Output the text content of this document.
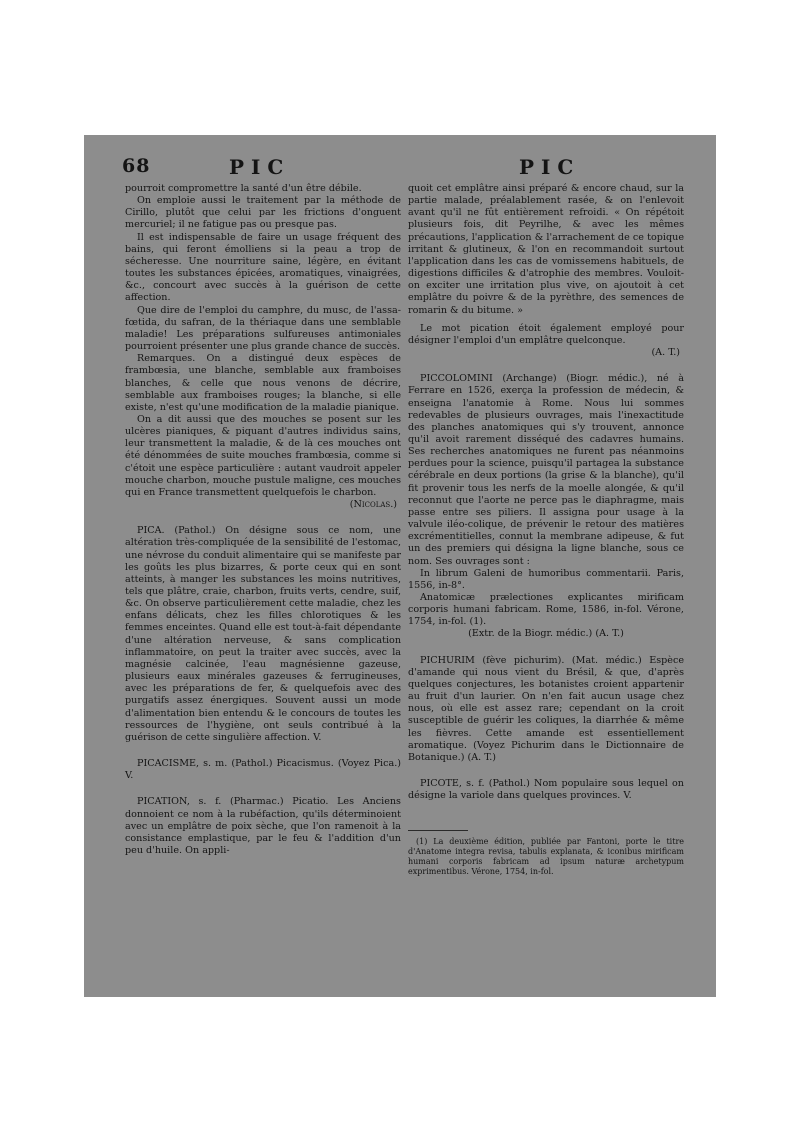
68	PIC	PIC

pourroit compromettre la santé d'un être débile.

On emploie aussi le traitement par la méthode de Cirillo, plutôt que celui par les frictions d'onguent mercuriel; il ne fatigue pas ou presque pas.

Il est indispensable de faire un usage fréquent des bains, qui feront émolliens si la peau a trop de sécheresse. Une nourriture saine, légère, en évitant toutes les substances épicées, aromatiques, vinaigrées, &c., concourt avec succès à la guérison de cette affection.

Que dire de l'emploi du camphre, du musc, de l'assa-fœtida, du safran, de la thériaque dans une semblable maladie! Les préparations sulfureuses antimoniales pourroient présenter une plus grande chance de succès.

Remarques. On a distingué deux espèces de frambœsia, une blanche, semblable aux framboises blanches, & celle que nous venons de décrire, semblable aux framboises rouges; la blanche, si elle existe, n'est qu'une modification de la maladie pianique.

On a dit aussi que des mouches se posent sur les ulcères pianiques, & piquant d'autres individus sains, leur transmettent la maladie, & de là ces mouches ont été dénommées de suite mouches frambœsia, comme si c'étoit une espèce particulière : autant vaudroit appeler mouche charbon, mouche pustule maligne, ces mouches qui en France transmettent quelquefois le charbon.

(Nicolas.)

PICA. (Pathol.) On désigne sous ce nom, une altération très-compliquée de la sensibilité de l'estomac, une névrose du conduit alimentaire qui se manifeste par les goûts les plus bizarres, & porte ceux qui en sont atteints, à manger les substances les moins nutritives, tels que plâtre, craie, charbon, fruits verts, cendre, suif, &c. On observe particulièrement cette maladie, chez les enfans délicats, chez les filles chlorotiques & les femmes enceintes. Quand elle est tout-à-fait dépendante d'une altération nerveuse, & sans complication inflammatoire, on peut la traiter avec succès, avec la magnésie calcinée, l'eau magnésienne gazeuse, plusieurs eaux minérales gazeuses & ferrugineuses, avec les préparations de fer, & quelquefois avec des purgatifs assez énergiques. Souvent aussi un mode d'alimentation bien entendu & le concours de toutes les ressources de l'hygiène, ont seuls contribué à la guérison de cette singulière affection. V.

PICACISME, s. m. (Pathol.) Picacismus. (Voyez Pica.) V.

PICATION, s. f. (Pharmac.) Picatio. Les Anciens donnoient ce nom à la rubéfaction, qu'ils déterminoient avec un emplâtre de poix sèche, que l'on ramenoit à la consistance emplastique, par le feu & l'addition d'un peu d'huile. On appli-

quoit cet emplâtre ainsi préparé & encore chaud, sur la partie malade, préalablement rasée, & on l'enlevoit avant qu'il ne fût entièrement refroidi. « On répétoit plusieurs fois, dit Peyrilhe, & avec les mêmes précautions, l'application & l'arrachement de ce topique irritant & glutineux, & l'on en recommandoit surtout l'application dans les cas de vomissemens habituels, de digestions difficiles & d'atrophie des membres. Vouloit-on exciter une irritation plus vive, on ajoutoit à cet emplâtre du poivre & de la pyrèthre, des semences de romarin & du bitume. »

Le mot pication étoit également employé pour désigner l'emploi d'un emplâtre quelconque.

(A. T.)

PICCOLOMINI (Archange) (Biogr. médic.), né à Ferrare en 1526, exerça la profession de médecin, & enseigna l'anatomie à Rome. Nous lui sommes redevables de plusieurs ouvrages, mais l'inexactitude des planches anatomiques qui s'y trouvent, annonce qu'il avoit rarement disséqué des cadavres humains. Ses recherches anatomiques ne furent pas néanmoins perdues pour la science, puisqu'il partagea la substance cérébrale en deux portions (la grise & la blanche), qu'il fit provenir tous les nerfs de la moelle alongée, & qu'il reconnut que l'aorte ne perce pas le diaphragme, mais passe entre ses piliers. Il assigna pour usage à la valvule iléo-colique, de prévenir le retour des matières excrémentitielles, connut la membrane adipeuse, & fut un des premiers qui désigna la ligne blanche, sous ce nom. Ses ouvrages sont :

In librum Galeni de humoribus commentarii. Paris, 1556, in-8°.

Anatomicæ prælectiones explicantes mirificam corporis humani fabricam. Rome, 1586, in-fol. Vérone, 1754, in-fol. (1).

(Extr. de la Biogr. médic.) (A. T.)

PICHURIM (fève pichurim). (Mat. médic.) Espèce d'amande qui nous vient du Brésil, & que, d'après quelques conjectures, les botanistes croient appartenir au fruit d'un laurier. On n'en fait aucun usage chez nous, où elle est assez rare; cependant on la croit susceptible de guérir les coliques, la diarrhée & même les fièvres. Cette amande est essentiellement aromatique. (Voyez Pichurim dans le Dictionnaire de Botanique.) (A. T.)

PICOTE, s. f. (Pathol.) Nom populaire sous lequel on désigne la variole dans quelques provinces. V.

(1) La deuxième édition, publiée par Fantoni, porte le titre d'Anatome integra revisa, tabulis explanata, & iconibus mirificam humani corporis fabricam ad ipsum naturæ archetypum exprimentibus. Vérone, 1754, in-fol.
